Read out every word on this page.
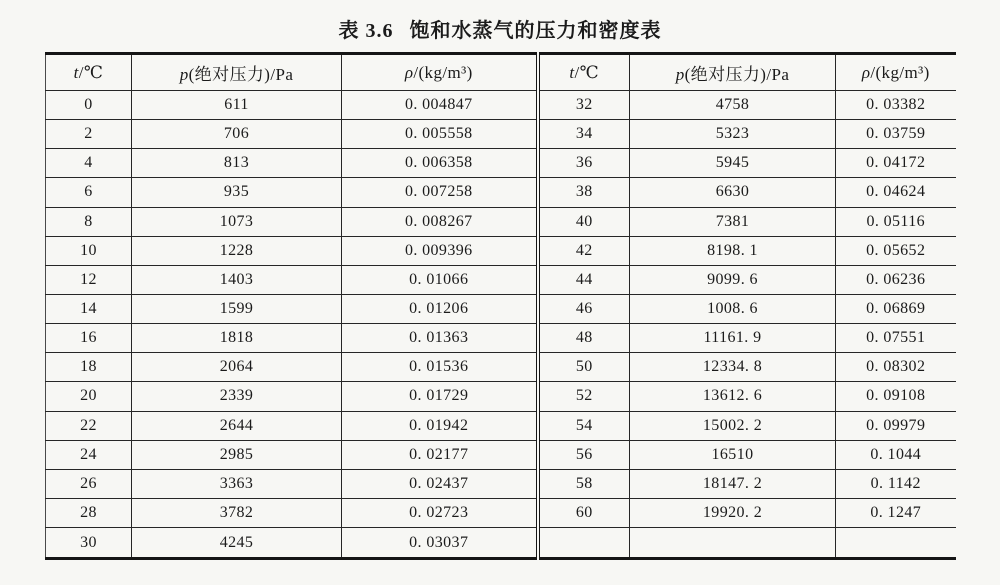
表 3.6 饱和水蒸气的压力和密度表
t/℃	p(绝对压力)/Pa	ρ/(kg/m³)	t/℃	p(绝对压力)/Pa	ρ/(kg/m³)
0	611	0. 004847	32	4758	0. 03382
2	706	0. 005558	34	5323	0. 03759
4	813	0. 006358	36	5945	0. 04172
6	935	0. 007258	38	6630	0. 04624
8	1073	0. 008267	40	7381	0. 05116
10	1228	0. 009396	42	8198. 1	0. 05652
12	1403	0. 01066	44	9099. 6	0. 06236
14	1599	0. 01206	46	1008. 6	0. 06869
16	1818	0. 01363	48	11161. 9	0. 07551
18	2064	0. 01536	50	12334. 8	0. 08302
20	2339	0. 01729	52	13612. 6	0. 09108
22	2644	0. 01942	54	15002. 2	0. 09979
24	2985	0. 02177	56	16510	0. 1044
26	3363	0. 02437	58	18147. 2	0. 1142
28	3782	0. 02723	60	19920. 2	0. 1247
30	4245	0. 03037			
